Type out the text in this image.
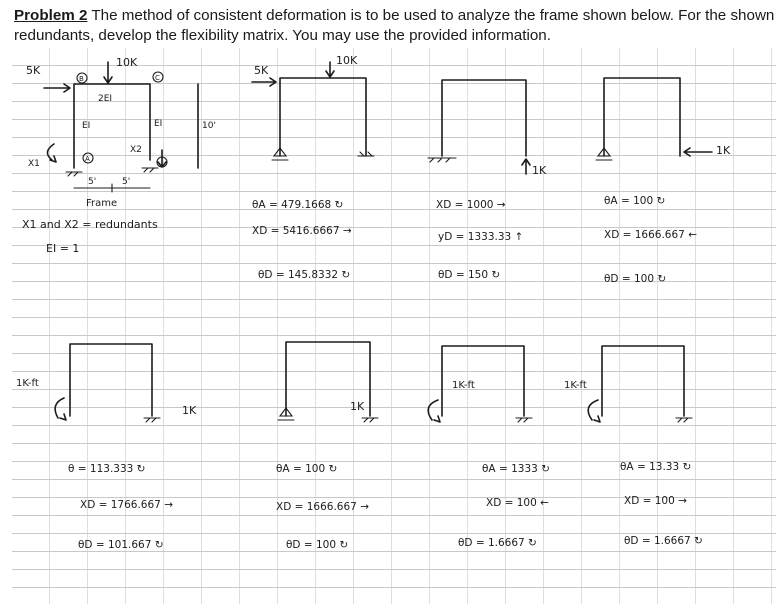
Problem 2 The method of consistent deformation is to be used to analyze the frame shown below. For the shown redundants, develop the flexibility matrix. You may use the provided information.
10K
5K
B	C
A
2EI
EI	EI	10'
X1
X2
5'	5'
Frame
X1 and X2 = redundants
EI = 1
10K
5K
θA = 479.1668 ↻
XD = 5416.6667 →
θD = 145.8332 ↻
1K
XD = 1000 →
yD = 1333.33 ↑
θD = 150 ↻
1K
θA = 100 ↻
XD = 1666.667 ←
θD = 100 ↻
1K-ft
1K
θ = 113.333 ↻
XD = 1766.667 →
θD = 101.667 ↻
1K
θA = 100 ↻
XD = 1666.667 →
θD = 100 ↻
1K-ft
θA = 1333 ↻
XD = 100 ←
θD = 1.6667 ↻
1K-ft
θA = 13.33 ↻
XD = 100 →
θD = 1.6667 ↻
